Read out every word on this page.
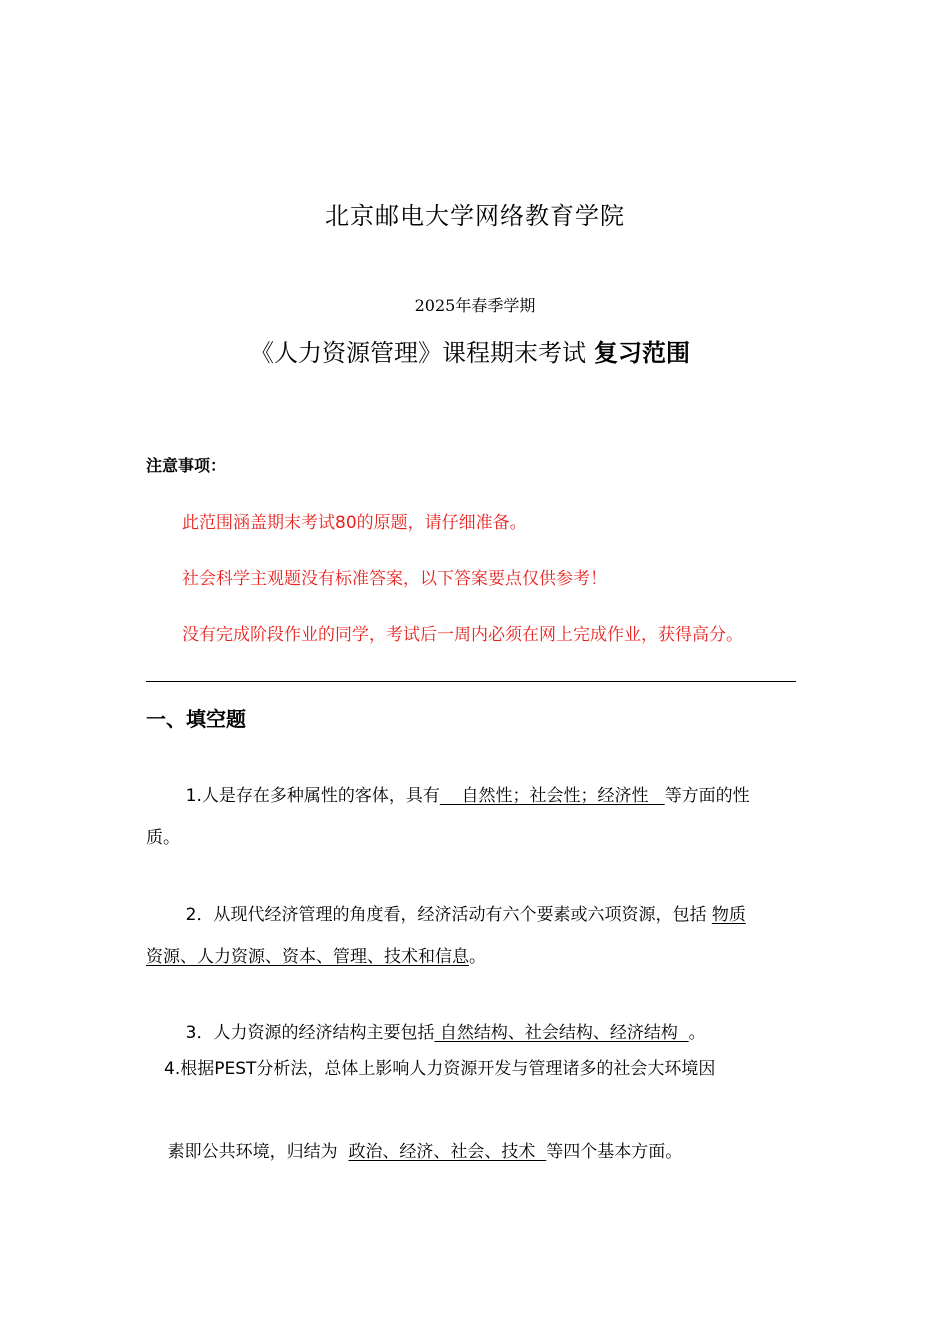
北京邮电大学网络教育学院
2025年春季学期
《人力资源管理》课程期末考试 复习范围
注意事项：
此范围涵盖期末考试80的原题，请仔细准备。
社会科学主观题没有标准答案，以下答案要点仅供参考！
没有完成阶段作业的同学，考试后一周内必须在网上完成作业，获得高分。
一、填空题

1.人是存在多种属性的客体，具有    自然性；社会性；经济性   等方面的性

质。

2．从现代经济管理的角度看，经济活动有六个要素或六项资源，包括 物质

资源、人力资源、资本、管理、技术和信息。

3．人力资源的经济结构主要包括 自然结构、社会结构、经济结构  。

4.根据PEST分析法，总体上影响人力资源开发与管理诸多的社会大环境因

素即公共环境，归结为  政治、经济、社会、技术  等四个基本方面。
